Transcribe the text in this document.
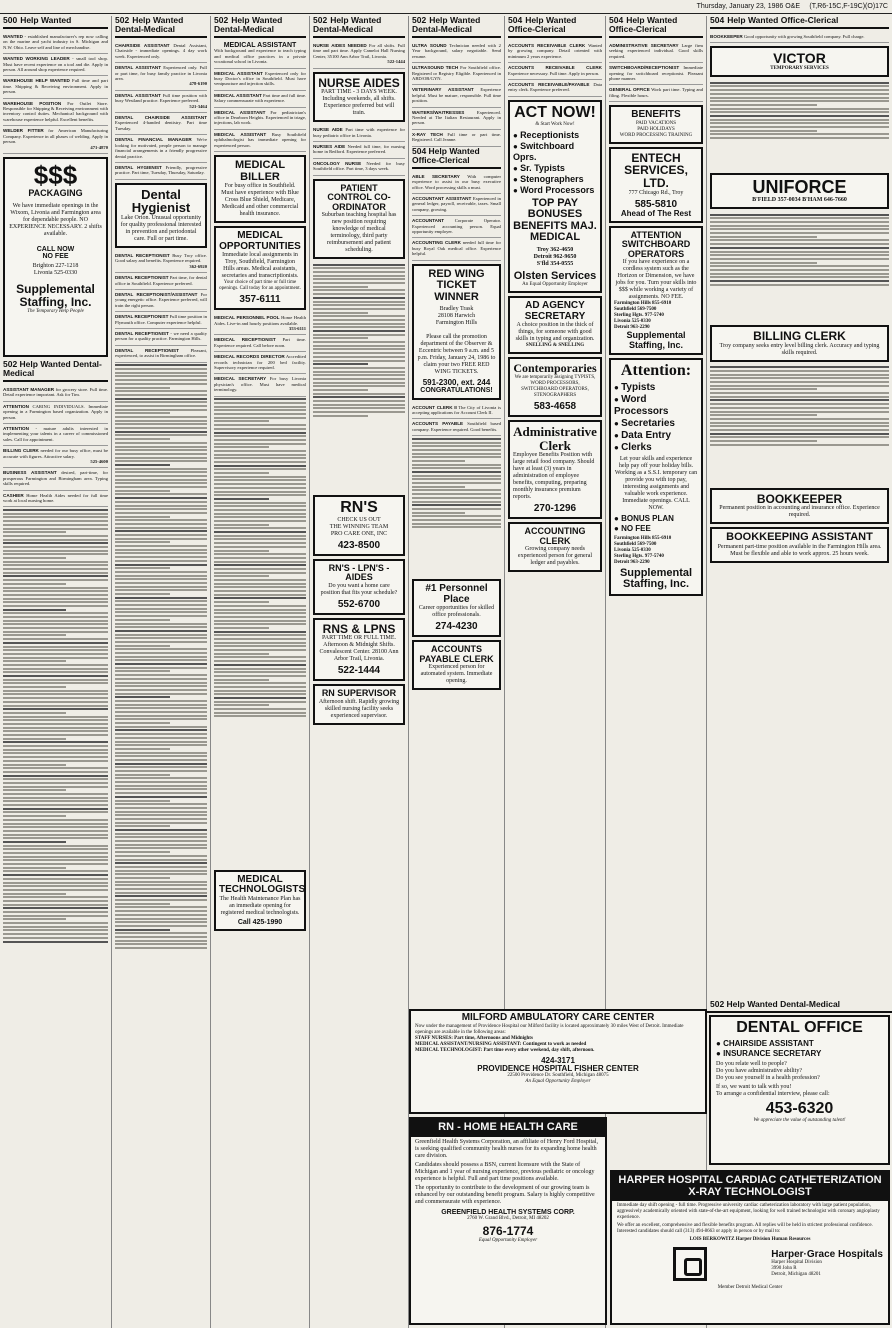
Thursday, January 23, 1986 O&E (T,R6-15C,F-19C)(O)17C
500 Help Wanted
WANTED - established manufacturer's rep now calling on the marine and yacht industry in S. Michigan and N.W. Ohio. Leave self and line of merchandise.
WANTED WORKING LEADER - small tool shop. Must have recent experience on a tool and die. Apply in person. All around shop experience required.
WAREHOUSE HELP WANTED Full time and part time. Shipping & Receiving environment. Apply in person.
WAREHOUSE POSITION For Outlet Store. Responsible for Shipping & Receiving environment with inventory control duties. Mechanical background with warehouse experience helpful. Excellent benefits.
WELDER FITTER for American Manufacturing Company. Experience in all phases of welding. Apply in person.
471-4870
$$$
PACKAGING
We have immediate openings in the Wixom, Livonia and Farmington area for dependable people. NO EXPERIENCE NECESSARY. 2 shifts available.
CALL NOW
NO FEE
Brighton 227-1218
Livonia 525-0330
Supplemental Staffing, Inc.
The Temporary Help People
502 Help Wanted Dental-Medical
ASSISTANT MANAGER for grocery store. Full time. Detail experience important. Ask for Tim.
ATTENTION CARING INDIVIDUALS. Immediate opening in a Farmington based organization. Apply in person.
ATTENTION - mature adults interested in implementing your talents in a career of commissioned sales. Call for appointment.
BILLING CLERK needed for our busy office, must be accurate with figures. Attractive salary.
525-4600
BUSINESS ASSISTANT desired, part-time, for prosperous Farmington and Birmingham area. Typing skills required.
CASHIER Home Health Aides needed for full time work at local nursing home.
502 Help Wanted Dental-Medical
CHAIRSIDE ASSISTANT Dental Assistant, Chairside - immediate openings. 4 day work week. Experienced only.
DENTAL ASSISTANT Experienced only. Full or part time, for busy family practice in Livonia area.
478-6190
DENTAL ASSISTANT Full time position with busy Westland practice. Experience preferred.
521-3464
DENTAL CHAIRSIDE ASSISTANT Experienced 4-handed dentistry. Part time Tuesday.
DENTAL FINANCIAL MANAGER We're looking for motivated, people person to manage financial arrangements in a friendly progressive dental practice.
DENTAL HYGIENIST Friendly, progressive practice. Part time, Tuesday, Thursday, Saturday.
Dental Hygienist
Lake Orion. Unusual opportunity for quality professional interested in prevention and periodontal care. Full or part time.
DENTAL RECEPTIONIST Busy Troy office. Good salary and benefits. Experience required.
362-6920
DENTAL RECEPTIONIST Part time, for dental office in Southfield. Experience preferred.
DENTAL RECEPTIONIST/ASSISTANT For young energetic office. Experience preferred, will train the right person.
DENTAL RECEPTIONIST Full time position in Plymouth office. Computer experience helpful.
DENTAL RECEPTIONIST - we need a quality person for a quality practice. Farmington Hills.
DENTAL RECEPTIONIST	Pleasant, experienced, to assist in Birmingham office.
502 Help Wanted Dental-Medical
MEDICAL ASSISTANT
With background and experience to teach typing and medical office practices in a private vocational school in Livonia.
MEDICAL ASSISTANT Experienced only for busy Doctor's office in Southfield. Must have venipuncture and injection skills.
MEDICAL ASSISTANT Part time and full time. Salary commensurate with experience.
MEDICAL ASSISTANT For pediatrician's office in Dearborn Heights. Experienced in triage, injections, lab work.
MEDICAL ASSISTANT Busy Southfield ophthalmologist has immediate opening for experienced person.
MEDICAL BILLER
For busy office in Southfield. Must have experience with Blue Cross Blue Shield, Medicare, Medicaid and other commercial health insurance.
MEDICAL OPPORTUNITIES
Immediate local assignments in Troy, Southfield, Farmington Hills areas. Medical assistants, secretaries and transcriptionists.
Your choice of part time or full time openings. Call today for an appointment.
357-6111
MEDICAL PERSONNEL POOL Home Health Aides. Live-in and hourly positions available.
353-6111
MEDICAL RECEPTIONIST Part time. Experience required. Call before noon.
MEDICAL RECORDS DIRECTOR Accredited records technician for 200 bed facility. Supervisory experience required.
MEDICAL SECRETARY For busy Livonia physician's office. Must have medical terminology.
MEDICAL TECHNOLOGISTS
The Health Maintenance Plan has an immediate opening for registered medical technologists.
Call 425-1990
502 Help Wanted Dental-Medical
NURSE AIDES NEEDED For all shifts. Full time and part time. Apply Camelot Hall Nursing Center, 35100 Ann Arbor Trail, Livonia.
522-1444
NURSE AIDES
PART TIME - 3 DAYS WEEK. Including weekends, all shifts. Experience preferred but will train.
NURSE AIDE Part time with experience for busy pediatric office in Livonia.
NURSES AIDE Needed full time, for nursing home in Redford. Experience preferred.
ONCOLOGY NURSE Needed for busy Southfield office. Part time, 3 days week.
PATIENT CONTROL CO-ORDINATOR
Suburban teaching hospital has new position requiring knowledge of medical terminology, third party reimbursement and patient scheduling.
RN'S
CHECK US OUT
THE WINNING TEAM
PRO CARE ONE, INC
423-8500
RN'S - LPN'S - AIDES
Do you want a home care position that fits your schedule?
552-6700
RNS & LPNS
PART TIME OR FULL TIME. Afternoon & Midnight Shifts. Convalescent Center. 28100 Ann Arbor Trail, Livonia.
522-1444
RN SUPERVISOR
Afternoon shift. Rapidly growing skilled nursing facility seeks experienced supervisor.
502 Help Wanted Dental-Medical
ULTRA SOUND Technician needed with 2 Year background, salary negotiable. Send resume.
ULTRASOUND TECH For Southfield office. Registered or Registry Eligible. Experienced in ABD/OB/GYN.
VETERINARY ASSISTANT Experience helpful. Must be mature, responsible. Full time position.
WAITERS/WAITRESSES	Experienced. Needed at The Italian Restaurant. Apply in person.
X-RAY TECH Full time or part time. Registered. Call Jeanne.
504 Help Wanted Office-Clerical
ABLE SECRETARY With computer experience to assist in our busy executive office. Word processing skills a must.
ACCOUNTANT ASSISTANT Experienced in general ledger, payroll, receivable, taxes. Small company, growing.
ACCOUNTANT Corporate Operator. Experienced accounting person. Equal opportunity employer.
ACCOUNTING CLERK needed full time for busy Royal Oak medical office. Experience helpful.
RED WING TICKET WINNER
Bradley Trask
28108 Harwich
Farmington Hills

Please call the promotion department of the Observer & Eccentric between 9 a.m. and 5 p.m. Friday, January 24, 1986 to claim your two FREE RED WING TICKETS.
591-2300, ext. 244
CONGRATULATIONS!
ACCOUNT CLERK II The City of Livonia is accepting applications for Account Clerk II.
ACCOUNTS PAYABLE Southfield based company. Experience required. Good benefits.
#1 Personnel Place
Career opportunities for skilled office professionals.
274-4230
ACCOUNTS PAYABLE CLERK
Experienced person for automated system. Immediate opening.
504 Help Wanted Office-Clerical
ACCOUNTS RECEIVABLE CLERK Wanted by growing company. Detail oriented with minimum 2 years experience.
ACCOUNTS RECEIVABLE CLERK Experience necessary. Full time. Apply in person.
ACCOUNTS RECEIVABLE/PAYABLE Data entry clerk. Experience preferred.
ACT NOW!
& Start Work Now!
● Receptionists
● Switchboard Oprs.
● Sr. Typists
● Stenographers
● Word Processors
TOP PAY BONUSES BENEFITS MAJ. MEDICAL
Troy 362-4650
Detroit 962-9650
S'fld 354-0555
Olsten Services
An Equal Opportunity Employer
AD AGENCY SECRETARY
A choice position in the thick of things, for someone with good skills in typing and organization.
SNELLING & SNELLING
Contemporaries
We are temporarily assigning TYPISTS, WORD PROCESSORS, SWITCHBOARD OPERATORS, STENOGRAPHERS
583-4658
Administrative Clerk
Employee Benefits Position with large retail food company. Should have at least (3) years in administration of employee benefits, computing, preparing monthly insurance premium reports.
270-1296
ACCOUNTING CLERK
Growing company needs experienced person for general ledger and payables.
504 Help Wanted Office-Clerical
ADMINISTRATIVE SECRETARY Large firm seeking experienced individual. Good skills required.
SWITCHBOARD/RECEPTIONIST Immediate opening for switchboard receptionist. Pleasant phone manner.
GENERAL OFFICE Work part time. Typing and filing. Flexible hours.
BENEFITS
PAID VACATIONS
PAID HOLIDAYS
WORD PROCESSING TRAINING
ENTECH SERVICES, LTD.
777 Chicago Rd., Troy
585-5810
Ahead of The Rest
ATTENTION SWITCHBOARD OPERATORS
If you have experience on a cordless system such as the Horizon or Dimension, we have jobs for you. Turn your skills into $$$ while working a variety of assignments. NO FEE.
Farmington Hills 855-6910
Southfield 569-7500
Sterling Hgts. 977-5740
Livonia 525-0330
Detroit 963-2290
Supplemental Staffing, Inc.
Attention:
● Typists
● Word Processors
● Secretaries
● Data Entry
● Clerks
Let your skills and experience help pay off your holiday bills. Working as a S.S.I. temporary can provide you with top pay, interesting assignments and valuable work experience. Immediate openings. CALL NOW.
● BONUS PLAN
● NO FEE
Farmington Hills 855-6910
Southfield 569-7500
Livonia 525-0330
Sterling Hgts. 977-5740
Detroit 963-2290
Supplemental Staffing, Inc.
504 Help Wanted Office-Clerical
BOOKKEEPER Good opportunity with growing Southfield company. Full charge.
VICTOR
TEMPORARY SERVICES
UNIFORCE
B'FIELD 357-0034 B'HAM 646-7660
BILLING CLERK
Troy company seeks entry level billing clerk. Accuracy and typing skills required.
BOOKKEEPER
Permanent position in accounting and insurance office. Experience required.
BOOKKEEPING ASSISTANT
Permanent part-time position available in the Farmington Hills area. Must be flexible and able to work approx. 25 hours week.
MILFORD AMBULATORY CARE CENTER
Now under the management of Providence Hospital our Milford facility is located approximately 30 miles West of Detroit. Immediate openings are available in the following areas:
STAFF NURSES: Part time, Afternoons and Midnights
MEDICAL ASSISTANT/NURSING ASSISTANT: Contingent to work as needed
MEDICAL TECHNOLOGIST: Part time every other weekend, day shift, afternoon.
424-3171
PROVIDENCE HOSPITAL FISHER CENTER
22500 Providence Dr. Southfield, Michigan 48075
An Equal Opportunity Employer
RN - HOME HEALTH CARE
Greenfield Health Systems Corporation, an affiliate of Henry Ford Hospital, is seeking qualified community health nurses for its expanding home health care division.
Candidates should possess a BSN, current licensure with the State of Michigan and 1 year of nursing experience, previous pediatric or oncology experience is helpful. Full and part time positions available.
The opportunity to contribute to the development of our growing team is enhanced by our outstanding benefit program. Salary is highly competitive and commensurate with experience.
GREENFIELD HEALTH SYSTEMS CORP.
2760 W. Grand Blvd., Detroit, MI 48202
876-1774
Equal Opportunity Employer
502 Help Wanted Dental-Medical
DENTAL OFFICE
● CHAIRSIDE ASSISTANT
● INSURANCE SECRETARY
Do you relate well to people?
Do you have administrative ability?
Do you see yourself in a health profession?
If so, we want to talk with you!
To arrange a confidential interview, please call:
453-6320
We appreciate the value of outstanding talent!
HARPER HOSPITAL CARDIAC CATHETERIZATION X-RAY TECHNOLOGIST
Immediate day shift opening - full time. Progressive university cardiac catheterization laboratory with large patient population, aggressively academically oriented with state-of-the-art equipment, looking for well trained technologist with coronary angioplasty experience.
We offer an excellent, comprehensive and flexible benefits program. All replies will be held in strictest professional confidence. Interested candidates should call (313) 494-8663 or apply in person or by mail to:
LOIS BERKOWITZ Harper Division Human Resources
Harper·Grace Hospitals
Harper Hospital Division
3990 John R
Detroit, Michigan 48201
Member Detroit Medical Center
